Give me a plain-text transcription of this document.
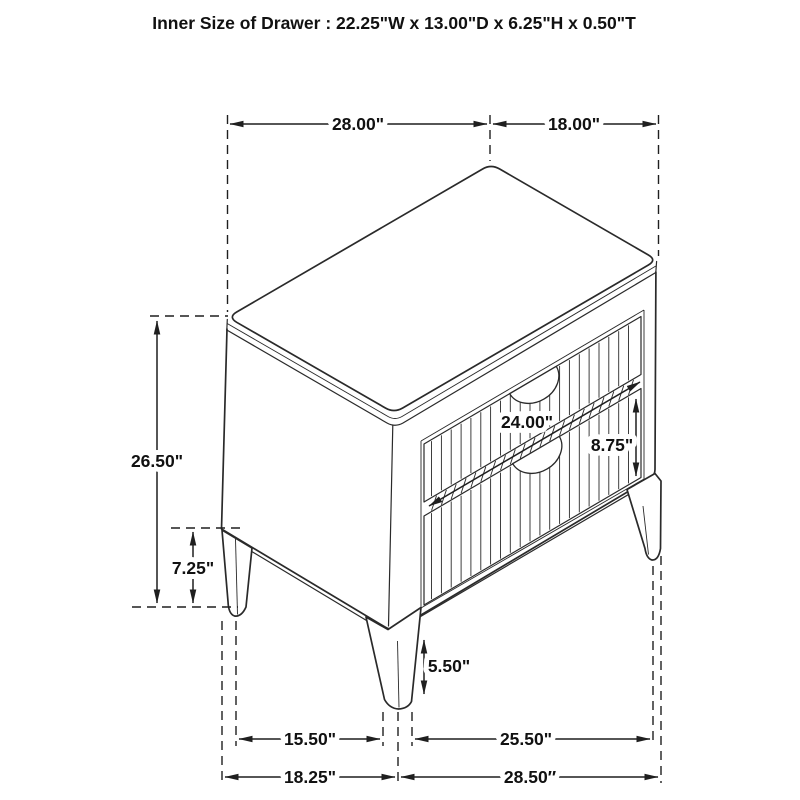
28.00"	18.00"
26.50"
7.25"
24.00"
8.75"
5.50"
15.50"	25.50"
18.25"	28.50″
Inner Size of Drawer : 22.25"W x 13.00"D x 6.25"H x 0.50"T
